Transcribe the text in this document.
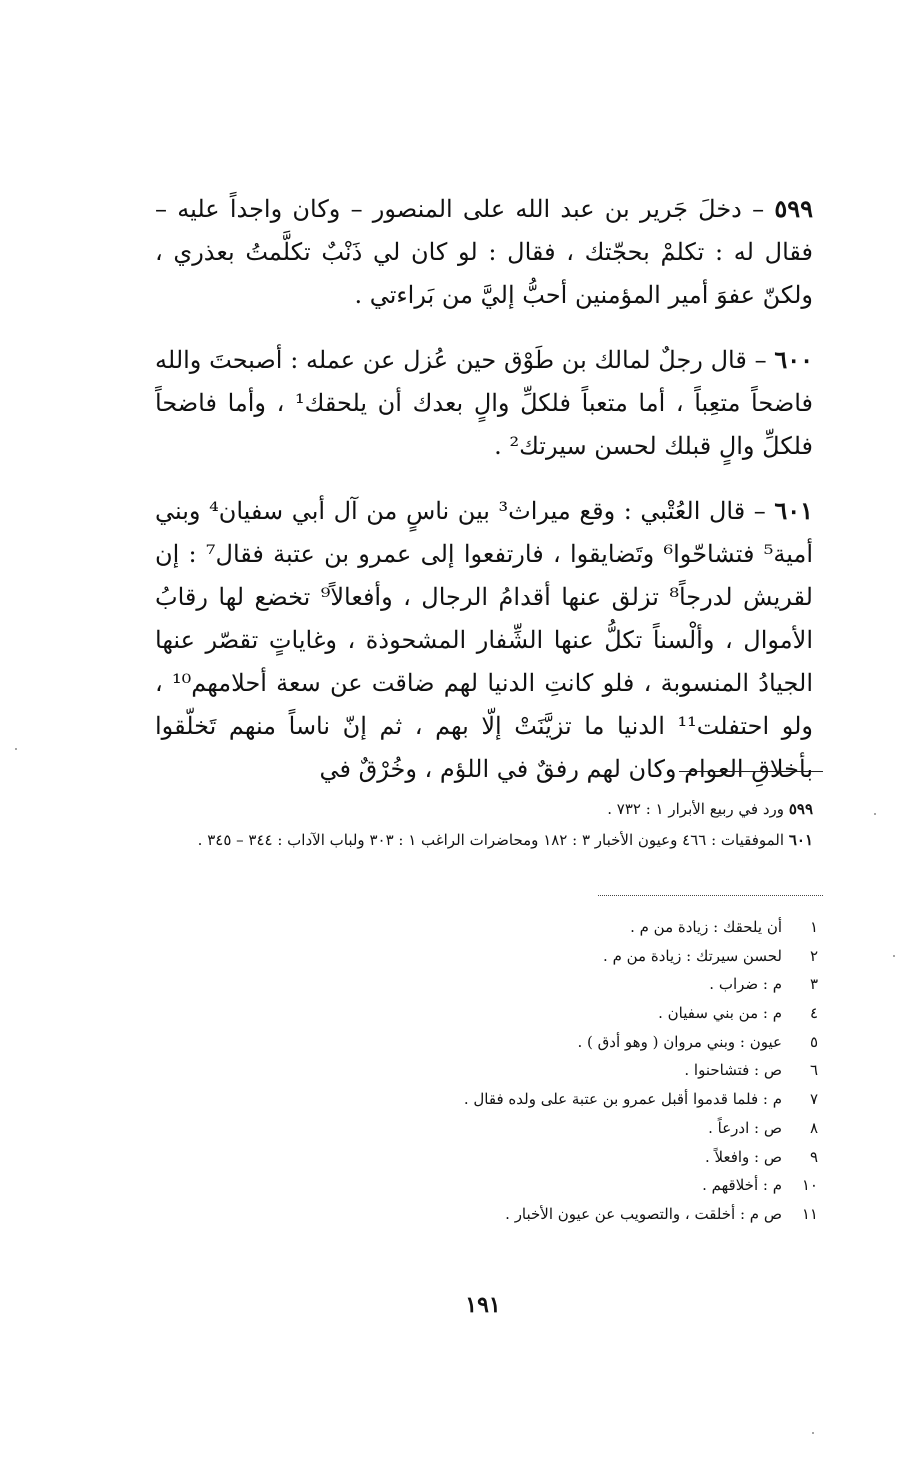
٥٩٩ – دخلَ جَرير بن عبد الله على المنصور – وكان واجداً عليه – فقال له : تكلمْ بحجّتك ، فقال : لو كان لي ذَنْبٌ تكلَّمتُ بعذري ، ولكنّ عفوَ أمير المؤمنين أحبُّ إليَّ من بَراءتي .

٦٠٠ – قال رجلٌ لمالك بن طَوْق حين عُزل عن عمله : أصبحتَ والله فاضحاً متعِباً ، أما متعباً فلكلِّ والٍ بعدك أن يلحقك¹ ، وأما فاضحاً فلكلِّ والٍ قبلك لحسن سيرتك² .

٦٠١ – قال العُتْبي : وقع ميراث³ بين ناسٍ من آل أبي سفيان⁴ وبني أمية⁵ فتشاحّوا⁶ وتَضايقوا ، فارتفعوا إلى عمرو بن عتبة فقال⁷ : إن لقريش لدرجاً⁸ تزلق عنها أقدامُ الرجال ، وأفعالاً⁹ تخضع لها رقابُ الأموال ، وألْسناً تكلُّ عنها الشِّفار المشحوذة ، وغاياتٍ تقصّر عنها الجيادُ المنسوبة ، فلو كانتِ الدنيا لهم ضاقت عن سعة أحلامهم¹⁰ ، ولو احتفلت¹¹ الدنيا ما تزيَّنَتْ إلّا بهم ، ثم إنّ ناساً منهم تَخلّقوا بأخلاقِ العوام وكان لهم رفقٌ في اللؤم ، وخُرْقٌ في

٥٩٩ ورد في ربيع الأبرار ١ : ٧٣٢ .
٦٠١ الموفقيات : ٤٦٦ وعيون الأخبار ٣ : ١٨٢ ومحاضرات الراغب ١ : ٣٠٣ ولباب الآداب : ٣٤٤ – ٣٤٥ .
١أن يلحقك : زيادة من م .
٢لحسن سيرتك : زيادة من م .
٣م : ضراب .
٤م : من بني سفيان .
٥عيون : وبني مروان ( وهو أدق ) .
٦ص : فتشاحنوا .
٧م : فلما قدموا أقبل عمرو بن عتبة على ولده فقال .
٨ص : ادرعاً .
٩ص : وافعلاً .
١٠م : أخلاقهم .
١١ص م : أخلقت ، والتصويب عن عيون الأخبار .
١٩١
